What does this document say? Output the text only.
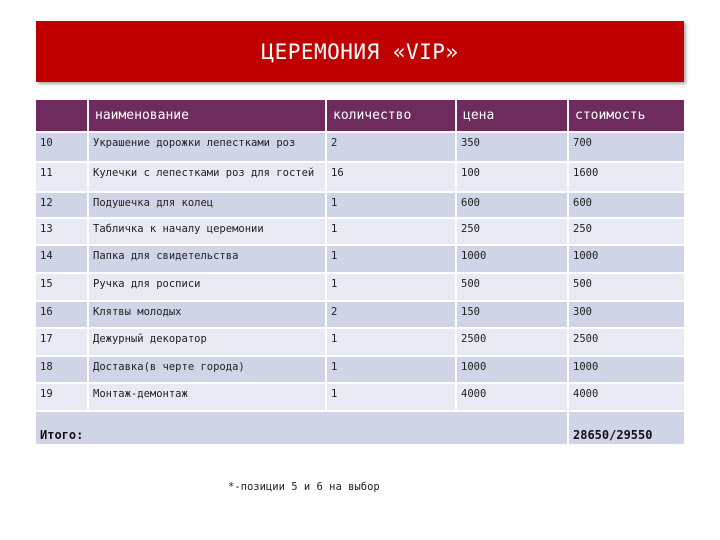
ЦЕРЕМОНИЯ «VIP»
	наименование	количество	цена	стоимость
10	Украшение дорожки лепестками роз	2	350	700
11	Кулечки с лепестками роз для гостей	16	100	1600
12	Подушечка для колец	1	600	600
13	Табличка к началу церемонии	1	250	250
14	Папка для свидетельства	1	1000	1000
15	Ручка для росписи	1	500	500
16	Клятвы молодых	2	150	300
17	Дежурный декоратор	1	2500	2500
18	Доставка(в черте города)	1	1000	1000
19	Монтаж-демонтаж	1	4000	4000
Итого:				28650/29550
*-позиции 5 и 6 на выбор
